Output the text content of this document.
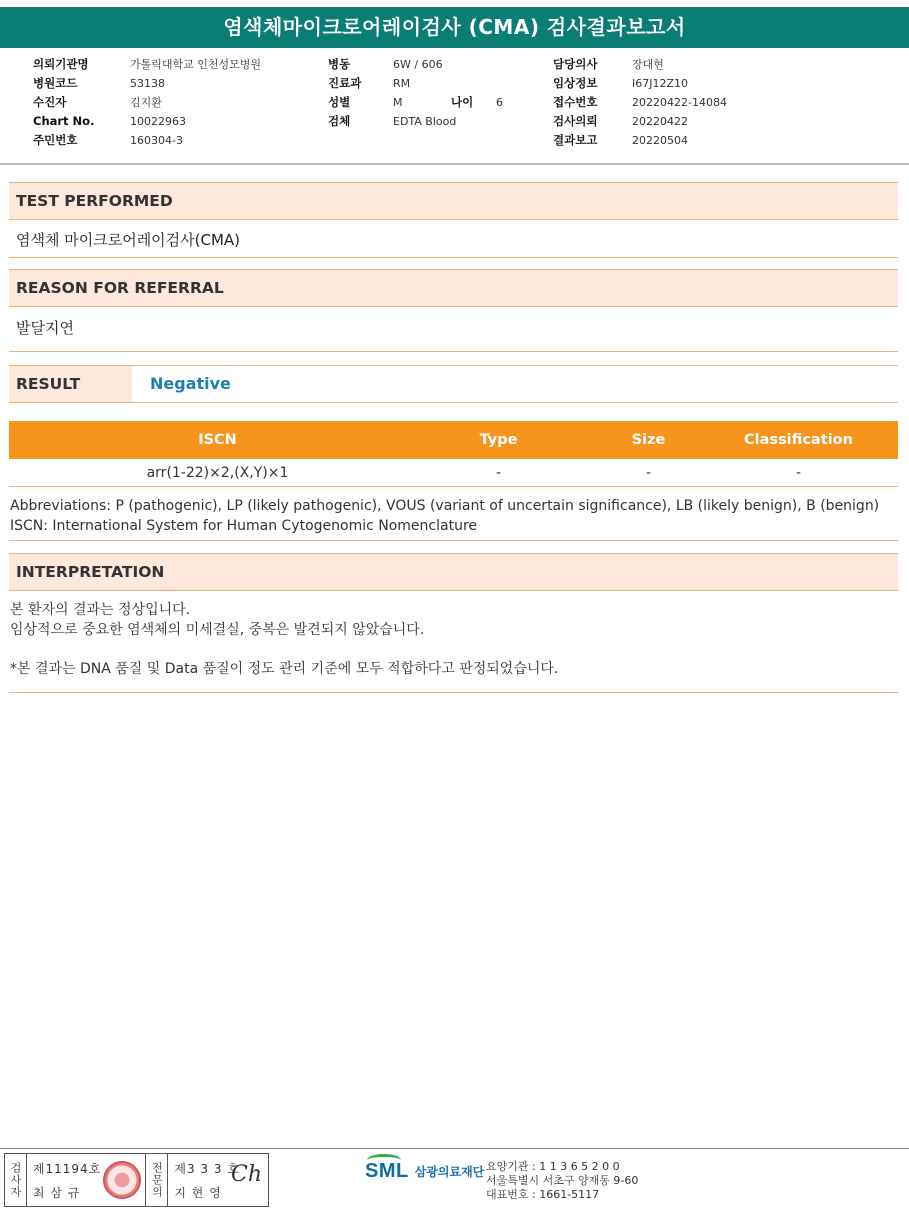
염색체마이크로어레이검사 (CMA) 검사결과보고서
의뢰기관명	가톨릭대학교 인천성모병원
병원코드	53138
수진자	김지환
Chart No.	10022963
주민번호	160304-3
병동	6W / 606
진료과	RM
성별	M	나이	6
검체	EDTA Blood
담당의사	장대현
임상정보	I67J12Z10
접수번호	20220422-14084
검사의뢰	20220422
결과보고	20220504
TEST PERFORMED
염색체 마이크로어레이검사(CMA)
REASON FOR REFERRAL
발달지연
RESULT	Negative
ISCN	Type	Size	Classification
arr(1-22)×2,(X,Y)×1	-	-	-
Abbreviations: P (pathogenic), LP (likely pathogenic), VOUS (variant of uncertain significance), LB (likely benign), B (benign)
ISCN: International System for Human Cytogenomic Nomenclature
INTERPRETATION
본 환자의 결과는 정상입니다.
임상적으로 중요한 염색체의 미세결실, 중복은 발견되지 않았습니다.
*본 결과는 DNA 품질 및 Data 품질이 정도 관리 기준에 모두 적합하다고 판정되었습니다.
검사자 제11194호
최 삼 규	전문의 제3 3 3 호
지 현 영
Ch	SML 삼광의료재단 요양기관 : 1 1 3 6 5 2 0 0
서울특별시 서초구 양재동 9-60
대표번호 : 1661-5117
